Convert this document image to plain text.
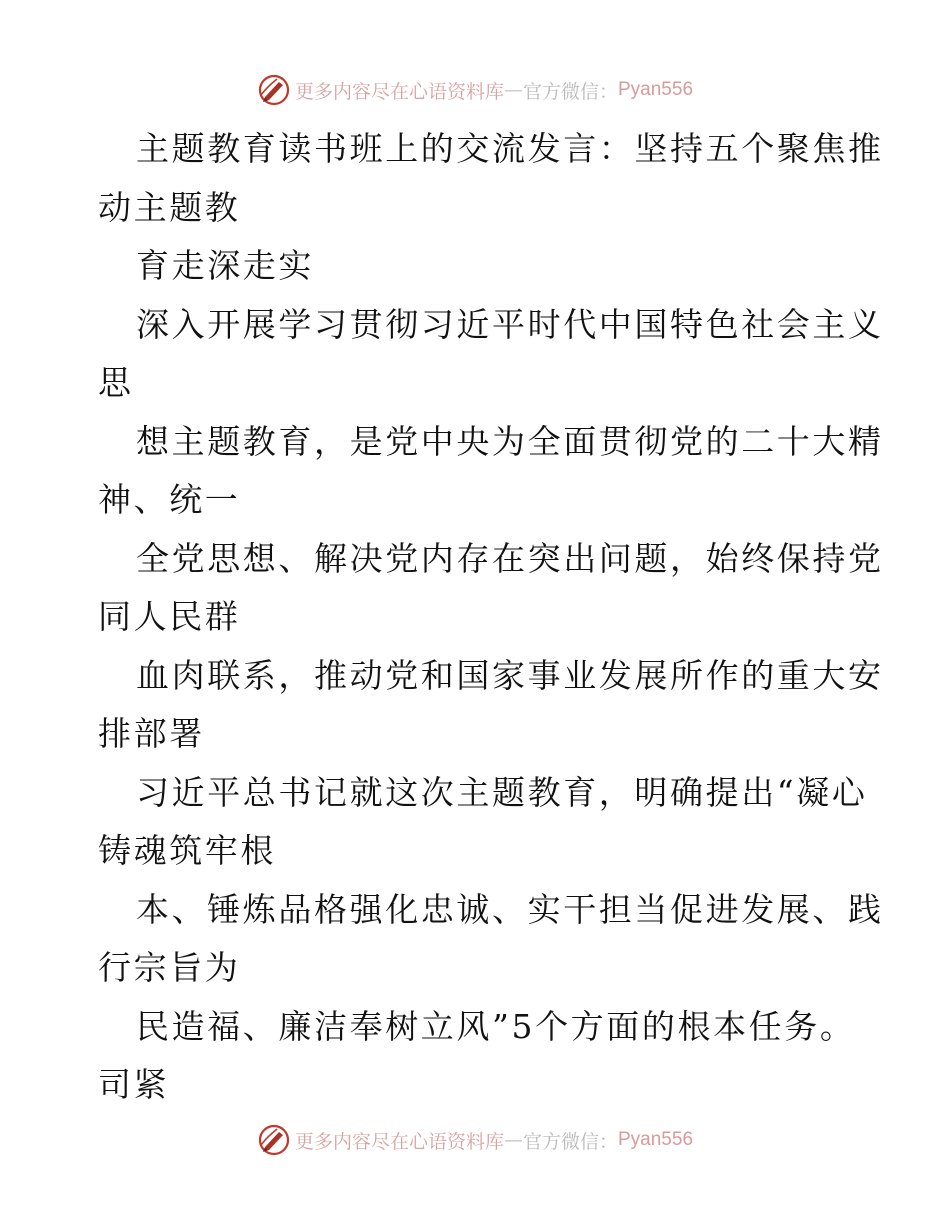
更多内容尽在心语资料库 — 官方微信： Pyan556
主题教育读书班上的交流发言：坚持五个聚焦推
动主题教
育走深走实
深入开展学习贯彻习近平时代中国特色社会主义
思
想主题教育，是党中央为全面贯彻党的二十大精
神、统一
全党思想、解决党内存在突出问题，始终保持党
同人民群
血肉联系，推动党和国家事业发展所作的重大安
排部署
习近平总书记就这次主题教育，明确提出“凝心
铸魂筑牢根
本、锤炼品格强化忠诚、实干担当促进发展、践
行宗旨为
民造福、廉洁奉树立风”5个方面的根本任务。
司紧
更多内容尽在心语资料库 — 官方微信： Pyan556
